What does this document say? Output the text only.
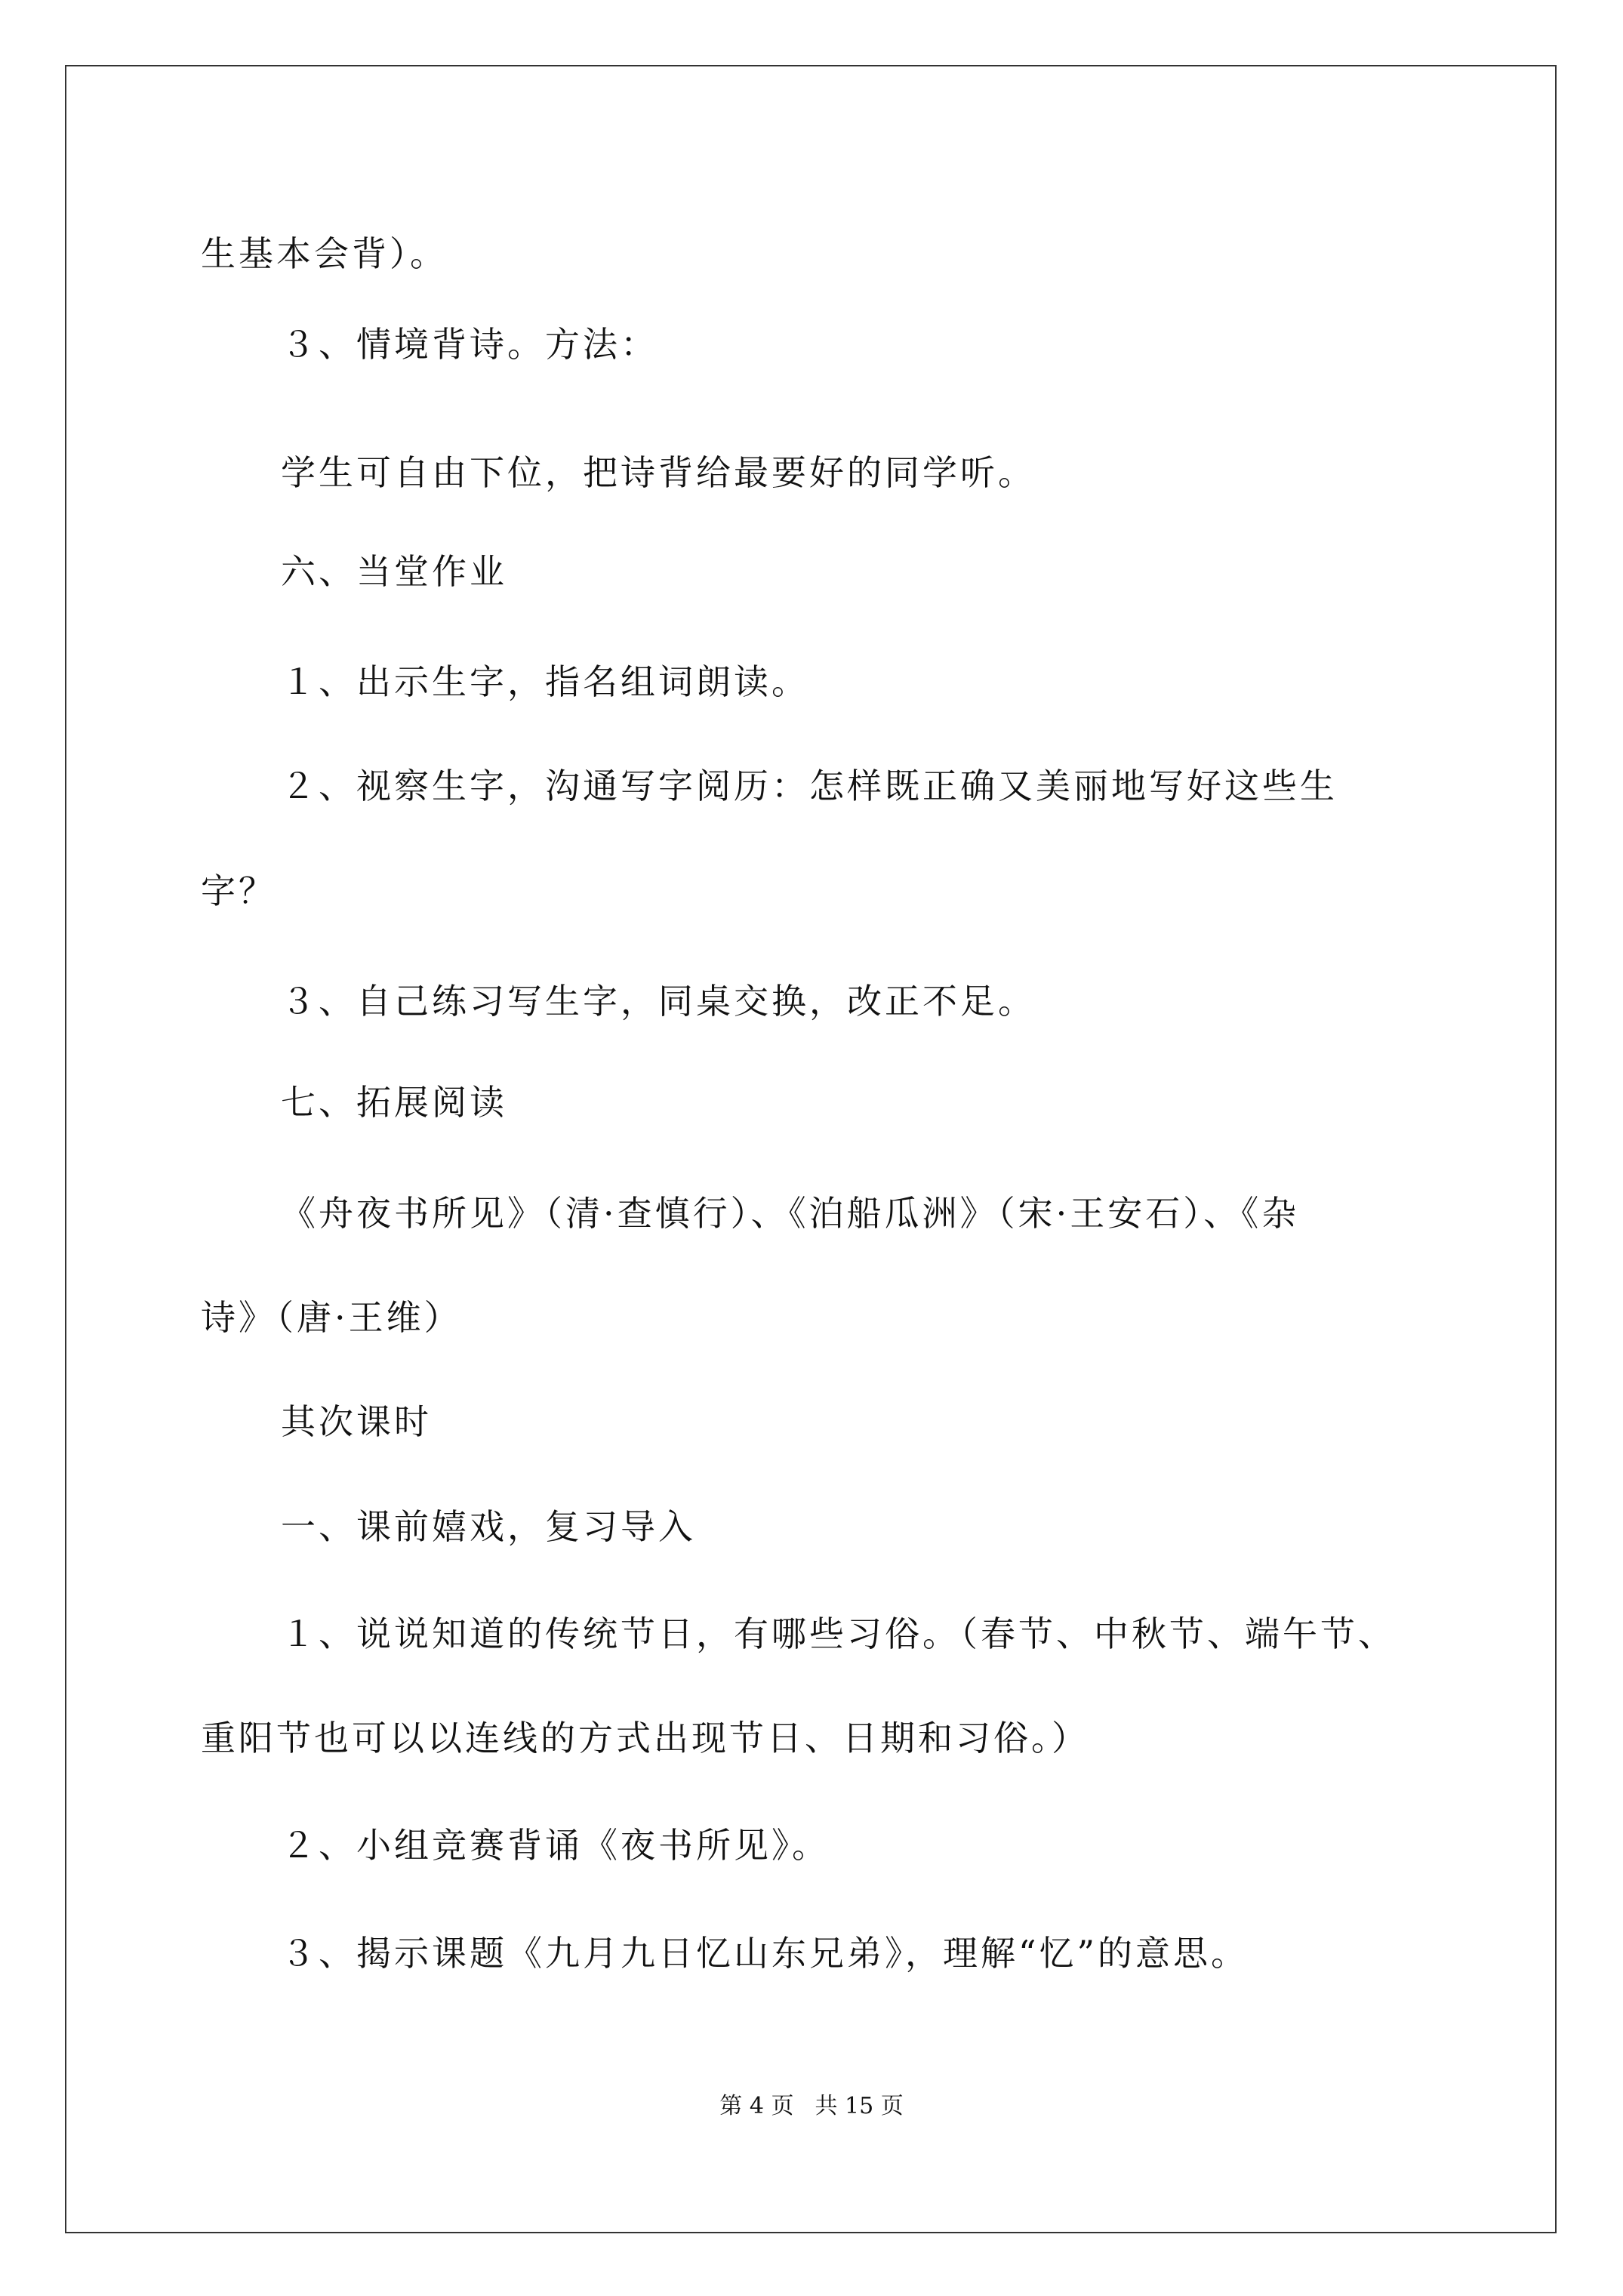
生基本会背）。
３、情境背诗。方法：
学生可自由下位，把诗背给最要好的同学听。
六、当堂作业
１、出示生字，指名组词朗读。
２、视察生字，沟通写字阅历：怎样既正确又美丽地写好这些生
字？
３、自己练习写生字，同桌交换，改正不足。
七、拓展阅读
《舟夜书所见》（清·查慎行）、《泊船瓜洲》（宋·王安石）、《杂
诗》（唐·王维）
其次课时
一、课前嬉戏，复习导入
１、说说知道的传统节日，有哪些习俗。（春节、中秋节、端午节、
重阳节也可以以连线的方式出现节日、日期和习俗。）
２、小组竞赛背诵《夜书所见》。
３、揭示课题《九月九日忆山东兄弟》，理解“忆”的意思。
第 4 页 共 15 页
